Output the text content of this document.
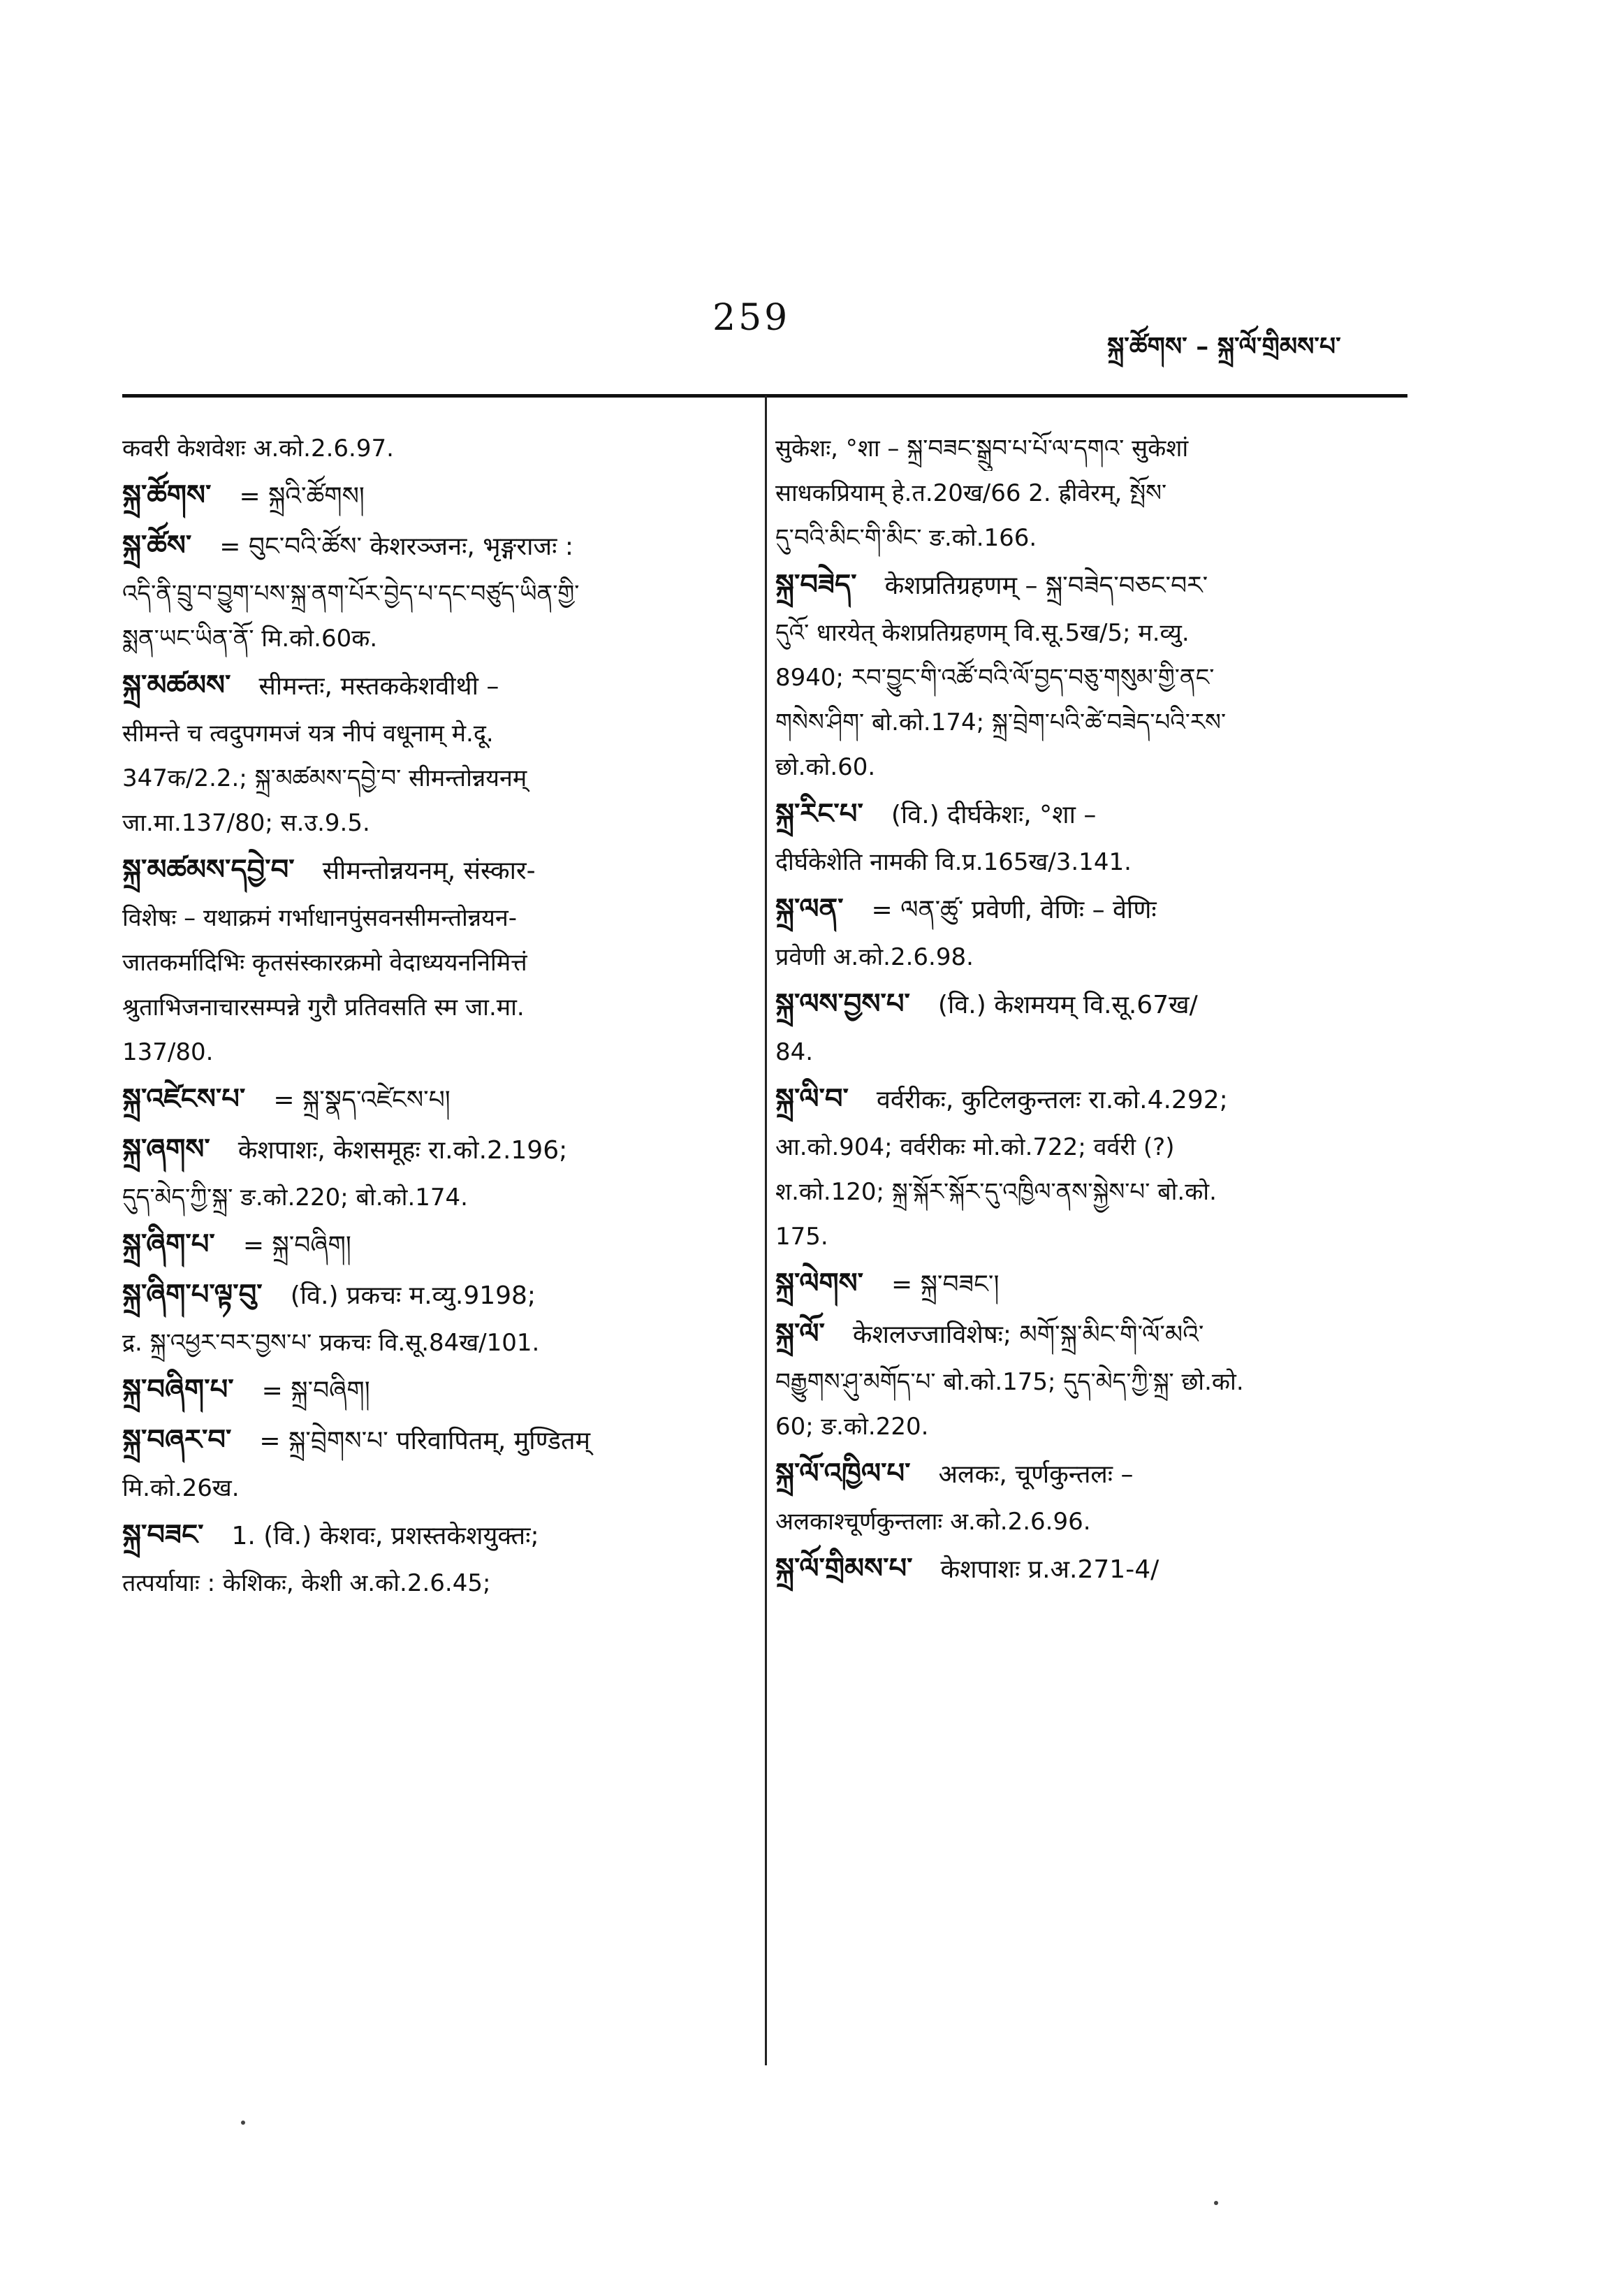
259
སྐྲ་ཚོགས་ – སྐྲ་ལོ་གྲིམས་པ་
कवरी केशवेशः अ.को.2.6.97.
སྐྲ་ཚོགས་ = སྐྲའི་ཚོགས།
སྐྲ་ཚོས་ = བུང་བའི་ཚོས་ केशरञ्जनः, भृङ्गराजः :
འདི་ནི་བྲུ་བ་བྱུག་པས་སྐྲ་ནག་པོར་བྱེད་པ་དང་བཙུད་ཡིན་གྱི་
སྨན་ཡང་ཡིན་ནོ་ मि.को.60क.
སྐྲ་མཚམས་ सीमन्तः, मस्तककेशवीथी –
सीमन्ते च त्वदुपगमजं यत्र नीपं वधूनाम् मे.दू.
347क/2.2.; སྐྲ་མཚམས་དབྱེ་བ་ सीमन्तोन्नयनम्
जा.मा.137/80; स.उ.9.5.
སྐྲ་མཚམས་དབྱེ་བ་ सीमन्तोन्नयनम्, संस्कार-
विशेषः – यथाक्रमं गर्भाधानपुंसवनसीमन्तोन्नयन-
जातकर्मादिभिः कृतसंस्कारक्रमो वेदाध्ययननिमित्तं
श्रुताभिजनाचारसम्पन्ने गुरौ प्रतिवसति स्म जा.मा.
137/80.
སྐྲ་འཛེངས་པ་ = སྐྲ་སྣད་འཛེངས་པ།
སྐྲ་ཞགས་ केशपाशः, केशसमूहः रा.को.2.196;
དུད་མེད་ཀྱི་སྐྲ་ ङ.को.220; बो.को.174.
སྐྲ་ཞིག་པ་ = སྐྲ་བཞིག།
སྐྲ་ཞིག་པ་ལྟ་བུ་ (वि.) प्रकचः म.व्यु.9198;
द्र. སྐྲ་འཕྱར་བར་བྱས་པ་ प्रकचः वि.सू.84ख/101.
སྐྲ་བཞིག་པ་ = སྐྲ་བཞིག།
སྐྲ་བཞར་བ་ = སྐྲ་བྲེགས་པ་ परिवापितम्, मुण्डितम्
मि.को.26ख.
སྐྲ་བཟང་ 1. (वि.) केशवः, प्रशस्तकेशयुक्तः;
तत्पर्यायाः : केशिकः, केशी अ.को.2.6.45;
सुकेशः, °शा – སྐྲ་བཟང་སྒྲུབ་པ་པོ་ལ་དགའ་ सुकेशां
साधकप्रियाम् हे.त.20ख/66 2. ह्रीवेरम्, སྤོས་
དུ་བའི་མིང་གི་མིང་ ङ.को.166.
སྐྲ་བཟེད་ केशप्रतिग्रहणम् – སྐྲ་བཟེད་བཅང་བར་
དུའོ་ धारयेत् केशप्रतिग्रहणम् वि.सू.5ख/5; म.व्यु.
8940; རབ་བྱུང་གི་འཚོ་བའི་ལོ་བྱད་བཅུ་གསུམ་གྱི་ནང་
གསེས་ཤིག་ बो.को.174; སྐྲ་བྲེག་པའི་ཚེ་བཟེད་པའི་རས་
छो.को.60.
སྐྲ་རིང་པ་ (वि.) दीर्घकेशः, °शा –
दीर्घकेशेति नामकी वि.प्र.165ख/3.141.
སྐྲ་ལན་ = ལན་ཚུ་ प्रवेणी, वेणिः – वेणिः
प्रवेणी अ.को.2.6.98.
སྐྲ་ལས་བྱས་པ་ (वि.) केशमयम् वि.सू.67ख/
84.
སྐྲ་ལི་བ་ वर्वरीकः, कुटिलकुन्तलः रा.को.4.292;
आ.को.904; वर्वरीकः मो.को.722; वर्वरी (?)
श.को.120; སྐྲ་སྐོར་སྐོར་དུ་འཁྱིལ་ནས་སྐྱེས་པ་ बो.को.
175.
སྐྲ་ལེགས་ = སྐྲ་བཟང་།
སྐྲ་ལོ་ केशलज्जाविशेषः; མགོ་སྐྲ་མིང་གི་ལོ་མའི་
བརྒྱུགས་ཤུ་མགོད་པ་ बो.को.175; དུད་མེད་ཀྱི་སྐྲ་ छो.को.
60; ङ.को.220.
སྐྲ་ལོ་འཁྱིལ་པ་ अलकः, चूर्णकुन्तलः –
अलकाश्चूर्णकुन्तलाः अ.को.2.6.96.
སྐྲ་ལོ་གྲིམས་པ་ केशपाशः प्र.अ.271-4/
